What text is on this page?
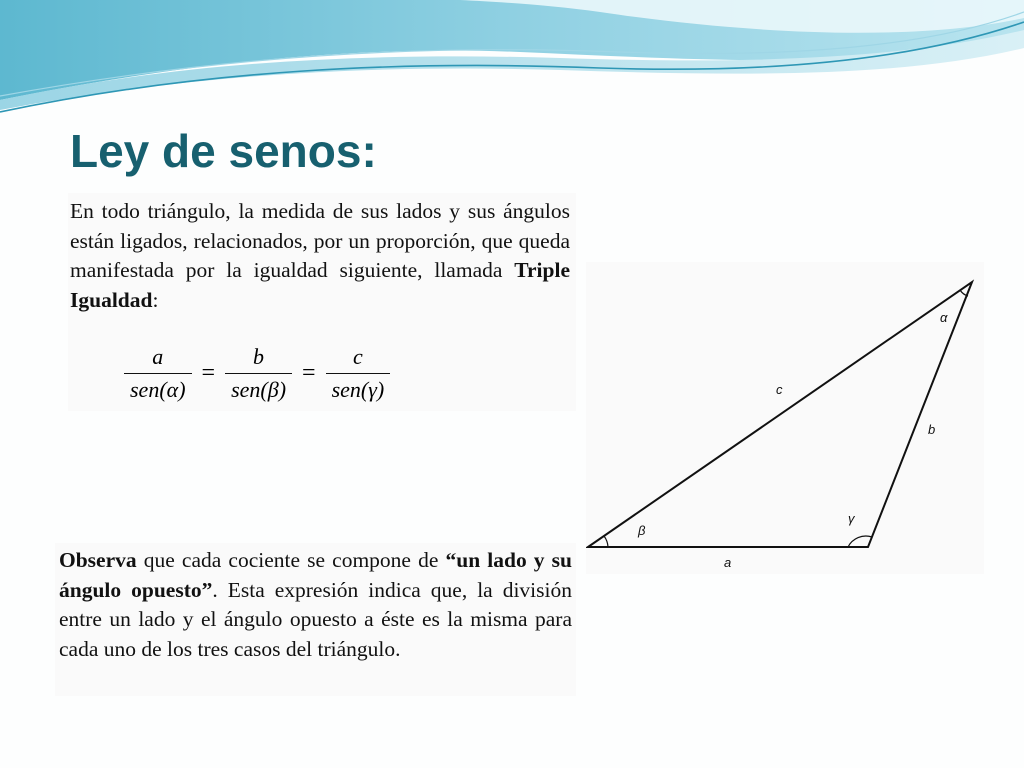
Ley de senos:

En todo triángulo, la medida de sus lados y sus ángulos están ligados, relacionados, por un proporción, que queda manifestada por la igualdad siguiente, llamada Triple Igualdad:

$\frac{a}{\text{sen(α)}} = \frac{b}{\text{sen(β)}} = \frac{c}{\text{sen(γ)}}$	c
b
a
α
β
γ

Observa que cada cociente se compone de “un lado y su ángulo opuesto”. Esta expresión indica que, la división entre un lado y el ángulo opuesto a éste es la misma para cada uno de los tres casos del triángulo.
